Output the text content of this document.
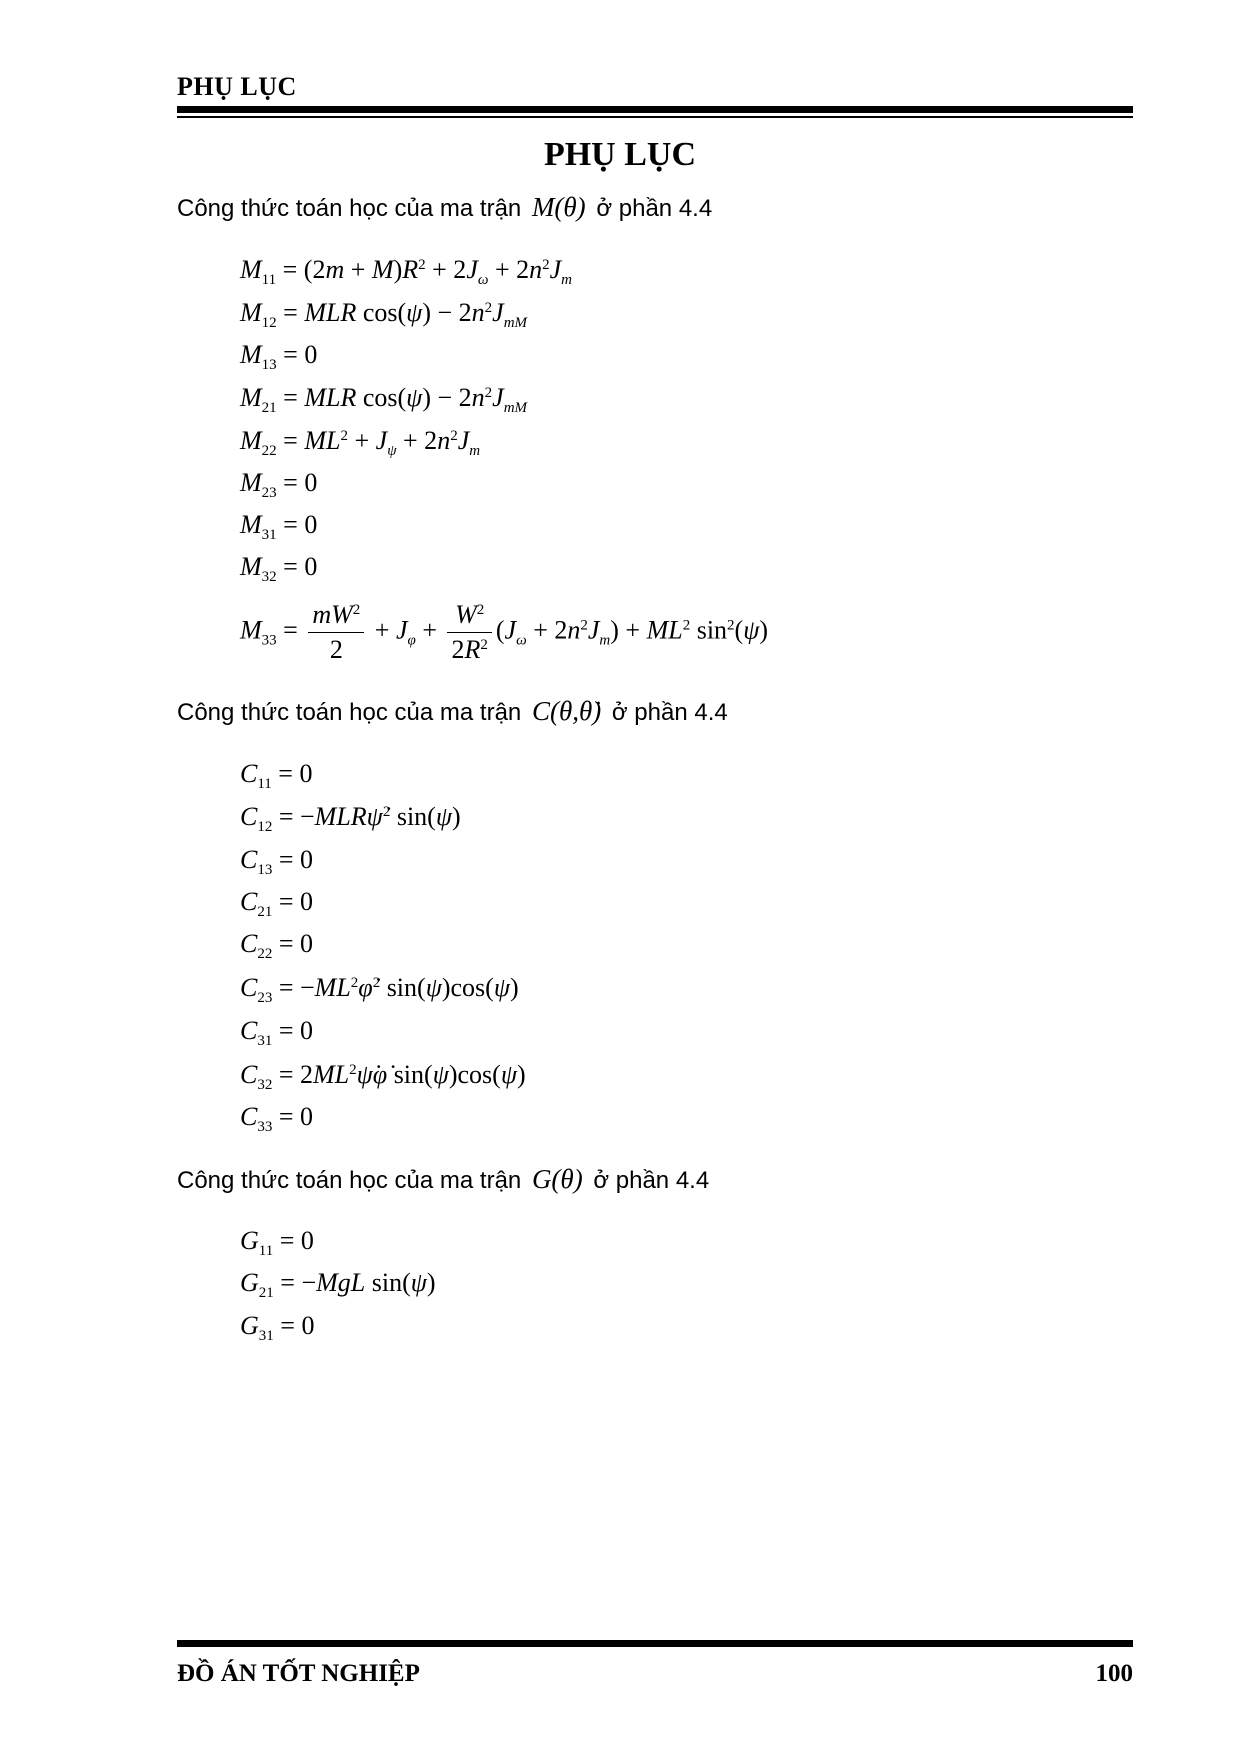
PHỤ LỤC
PHỤ LỤC
Công thức toán học của ma trận M(θ) ở phần 4.4
$M_{11} = (2m + M)R^2 + 2J_\omega + 2n^2J_m$
$M_{12}$ = MLR $\cos(\psi) - 2n^2J_{mM}$
$M_{13} = 0$
$M_{21}$ = MLR $\cos(\psi) - 2n^2J_{mM}$
$M_{22} = ML^2 + J_\psi + 2n^2J_m$
$M_{23} = 0$
$M_{31} = 0$
$M_{32} = 0$
$M_{33} = \frac{mW^2}{2} + J_\varphi + \frac{W^2}{2R^2} (J_\omega + 2n^2J_m) + ML^2$ $\sin^2(\psi)$
Công thức toán học của ma trận C(θ,θ̇) ở phần 4.4
$C_{11} = 0$
$C_{12}$ = −MLRψ̇$^2$ sin(ψ)
$C_{13} = 0$
$C_{21} = 0$
$C_{22} = 0$
$C_{23}$ = $-ML^2\varphi̇^2$ sin(ψ)cos(ψ)
$C_{31} = 0$
$C_{32}$ = $2ML^2\psi̇\varphi̇$ sin(ψ)cos(ψ)
$C_{33} = 0$
Công thức toán học của ma trận G(θ) ở phần 4.4
$G_{11} = 0$
$G_{21} = -MgL$ sin(ψ)
$G_{31} = 0$
ĐỒ ÁN TỐT NGHIỆP	100
